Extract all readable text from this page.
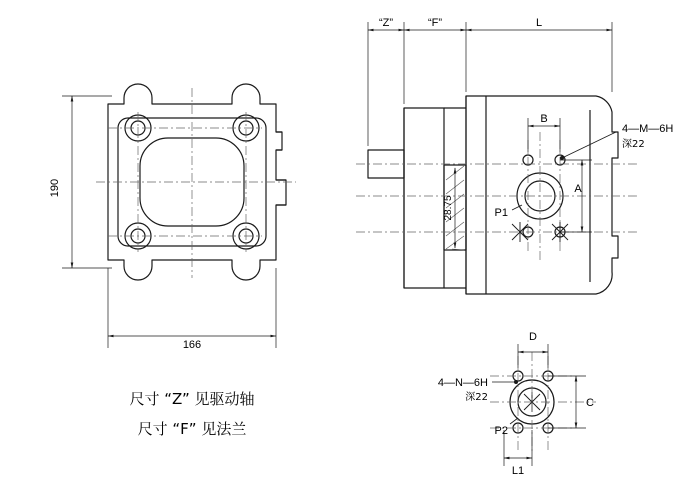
190
166
“Z”	“F”	L
B
A
28.75	P1
4—M—6H
深22
D
C
L1
P2
4—N—6H
深22
尺寸 “Z” 见驱动轴
尺寸 “F” 见法兰
